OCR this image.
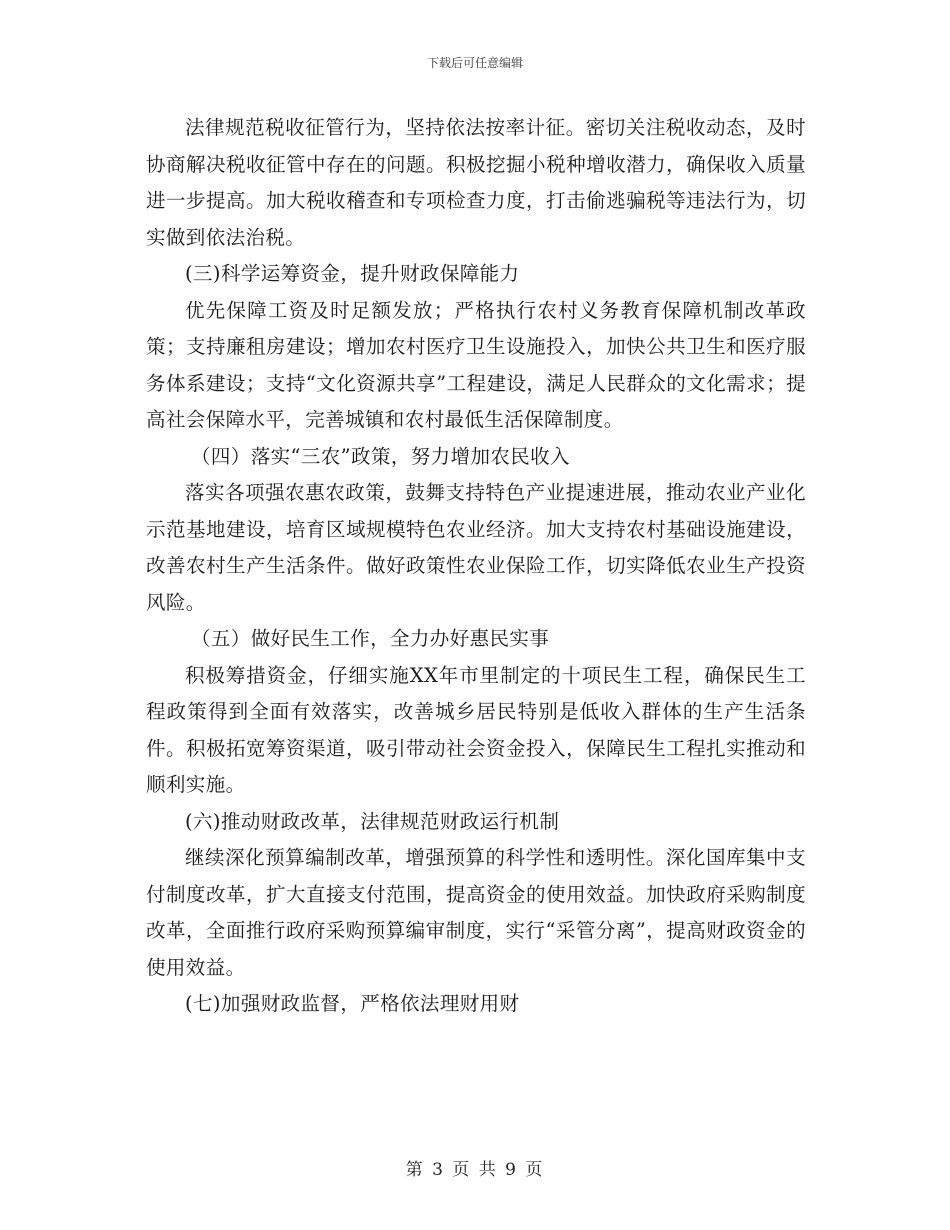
下载后可任意编辑

法律规范税收征管行为，坚持依法按率计征。密切关注税收动态，及时协商解决税收征管中存在的问题。积极挖掘小税种增收潜力，确保收入质量进一步提高。加大税收稽查和专项检查力度，打击偷逃骗税等违法行为，切实做到依法治税。

(三)科学运筹资金，提升财政保障能力

优先保障工资及时足额发放；严格执行农村义务教育保障机制改革政策；支持廉租房建设；增加农村医疗卫生设施投入，加快公共卫生和医疗服务体系建设；支持“文化资源共享”工程建设，满足人民群众的文化需求；提高社会保障水平，完善城镇和农村最低生活保障制度。

（四）落实“三农”政策，努力增加农民收入

落实各项强农惠农政策，鼓舞支持特色产业提速进展，推动农业产业化示范基地建设，培育区域规模特色农业经济。加大支持农村基础设施建设，改善农村生产生活条件。做好政策性农业保险工作，切实降低农业生产投资风险。

（五）做好民生工作，全力办好惠民实事

积极筹措资金，仔细实施XX年市里制定的十项民生工程，确保民生工程政策得到全面有效落实，改善城乡居民特别是低收入群体的生产生活条件。积极拓宽筹资渠道，吸引带动社会资金投入，保障民生工程扎实推动和顺利实施。

(六)推动财政改革，法律规范财政运行机制

继续深化预算编制改革，增强预算的科学性和透明性。深化国库集中支付制度改革，扩大直接支付范围，提高资金的使用效益。加快政府采购制度改革，全面推行政府采购预算编审制度，实行“采管分离”，提高财政资金的使用效益。

(七)加强财政监督，严格依法理财用财

第 3 页 共 9 页
